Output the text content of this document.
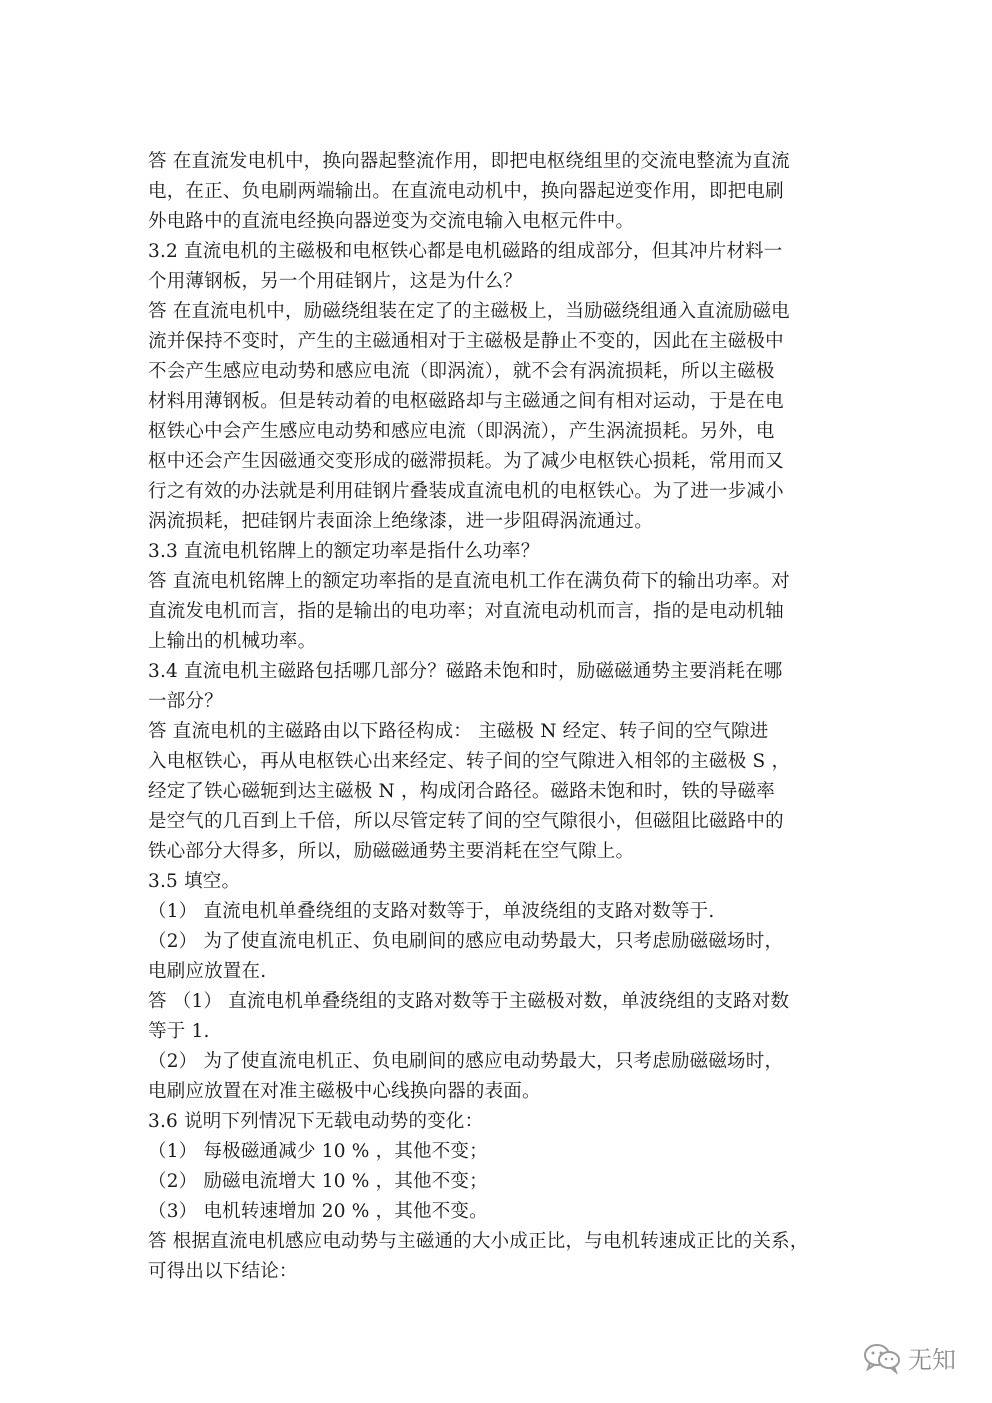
答 在直流发电机中，换向器起整流作用，即把电枢绕组里的交流电整流为直流
电，在正、负电刷两端输出。在直流电动机中，换向器起逆变作用，即把电刷
外电路中的直流电经换向器逆变为交流电输入电枢元件中。
3.2 直流电机的主磁极和电枢铁心都是电机磁路的组成部分，但其冲片材料一
个用薄钢板，另一个用硅钢片，这是为什么？
答 在直流电机中，励磁绕组装在定了的主磁极上，当励磁绕组通入直流励磁电
流并保持不变时，产生的主磁通相对于主磁极是静止不变的，因此在主磁极中
不会产生感应电动势和感应电流（即涡流），就不会有涡流损耗，所以主磁极
材料用薄钢板。但是转动着的电枢磁路却与主磁通之间有相对运动，于是在电
枢铁心中会产生感应电动势和感应电流（即涡流），产生涡流损耗。另外，电
枢中还会产生因磁通交变形成的磁滞损耗。为了减少电枢铁心损耗，常用而又
行之有效的办法就是利用硅钢片叠装成直流电机的电枢铁心。为了进一步减小
涡流损耗，把硅钢片表面涂上绝缘漆，进一步阻碍涡流通过。
3.3 直流电机铭牌上的额定功率是指什么功率？
答 直流电机铭牌上的额定功率指的是直流电机工作在满负荷下的输出功率。对
直流发电机而言，指的是输出的电功率；对直流电动机而言，指的是电动机轴
上输出的机械功率。
3.4 直流电机主磁路包括哪几部分？磁路未饱和时，励磁磁通势主要消耗在哪
一部分？
答 直流电机的主磁路由以下路径构成： 主磁极 N 经定、转子间的空气隙进
入电枢铁心，再从电枢铁心出来经定、转子间的空气隙进入相邻的主磁极 S ，
经定了铁心磁轭到达主磁极 N ，构成闭合路径。磁路未饱和时，铁的导磁率
是空气的几百到上千倍，所以尽管定转了间的空气隙很小，但磁阻比磁路中的
铁心部分大得多，所以，励磁磁通势主要消耗在空气隙上。
3.5 填空。
（1） 直流电机单叠绕组的支路对数等于，单波绕组的支路对数等于.
（2） 为了使直流电机正、负电刷间的感应电动势最大，只考虑励磁磁场时，
电刷应放置在.
答 （1） 直流电机单叠绕组的支路对数等于主磁极对数，单波绕组的支路对数
等于 1.
（2） 为了使直流电机正、负电刷间的感应电动势最大，只考虑励磁磁场时，
电刷应放置在对准主磁极中心线换向器的表面。
3.6 说明下列情况下无载电动势的变化：
（1） 每极磁通减少 10 % ，其他不变；
（2） 励磁电流增大 10 % ，其他不变；
（3） 电机转速增加 20 % ，其他不变。
答 根据直流电机感应电动势与主磁通的大小成正比，与电机转速成正比的关系，
可得出以下结论：
无知
